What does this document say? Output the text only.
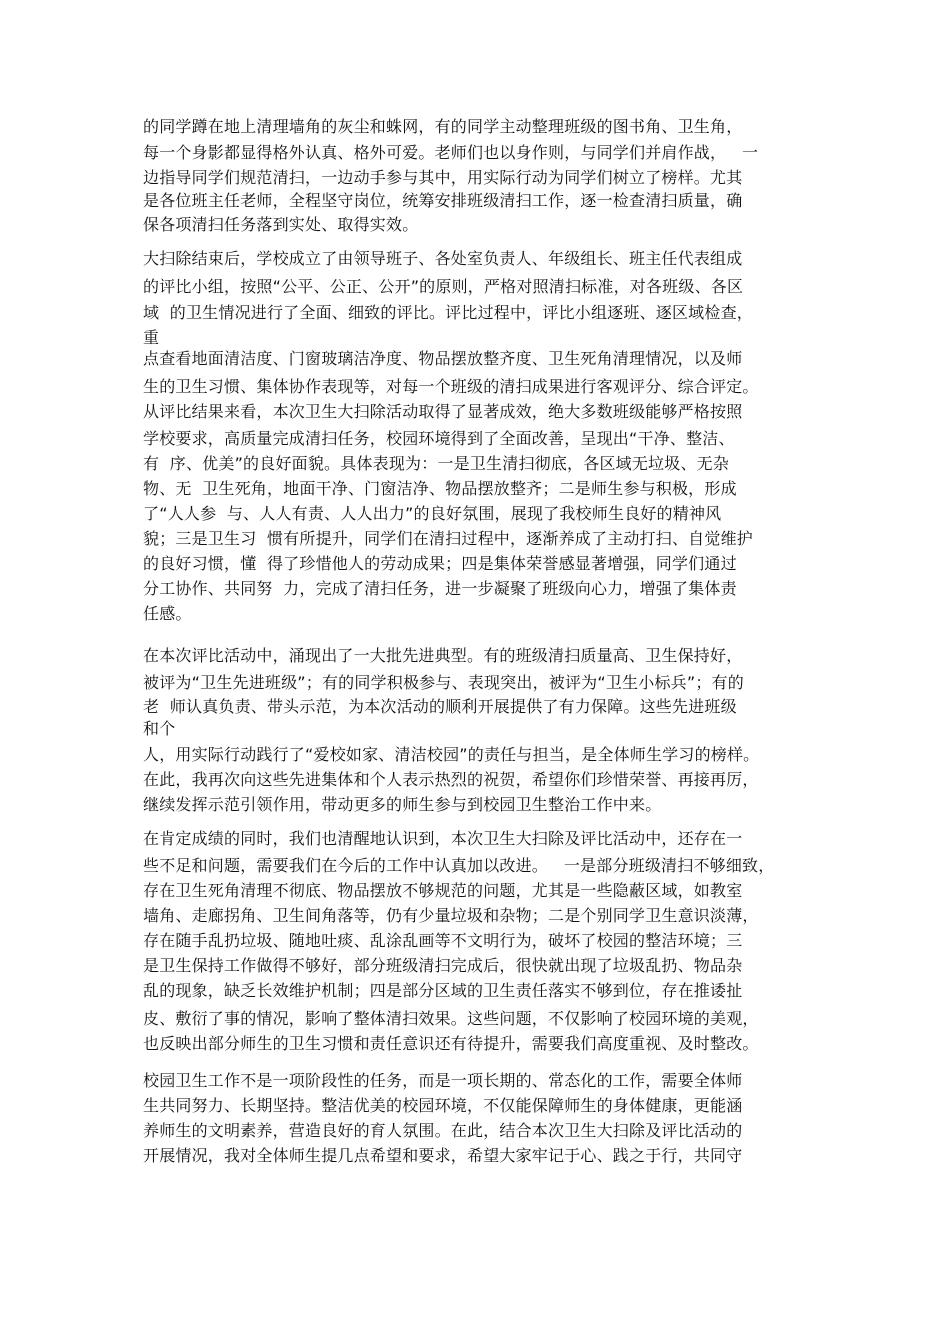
的同学蹲在地上清理墙角的灰尘和蛛网，有的同学主动整理班级的图书角、卫生角，
每一个身影都显得格外认真、格外可爱。老师们也以身作则，与同学们并肩作战，   一
边指导同学们规范清扫，一边动手参与其中，用实际行动为同学们树立了榜样。尤其
是各位班主任老师，全程坚守岗位，统筹安排班级清扫工作，逐一检查清扫质量，确
保各项清扫任务落到实处、取得实效。
大扫除结束后，学校成立了由领导班子、各处室负责人、年级组长、班主任代表组成
的评比小组，按照“公平、公正、公开”的原则，严格对照清扫标准，对各班级、各区
域  的卫生情况进行了全面、细致的评比。评比过程中，评比小组逐班、逐区域检查，
重
点查看地面清洁度、门窗玻璃洁净度、物品摆放整齐度、卫生死角清理情况，以及师
生的卫生习惯、集体协作表现等，对每一个班级的清扫成果进行客观评分、综合评定。
从评比结果来看，本次卫生大扫除活动取得了显著成效，绝大多数班级能够严格按照
学校要求，高质量完成清扫任务，校园环境得到了全面改善，呈现出“干净、整洁、
有  序、优美”的良好面貌。具体表现为：一是卫生清扫彻底，各区域无垃圾、无杂
物、无  卫生死角，地面干净、门窗洁净、物品摆放整齐；二是师生参与积极，形成
了“人人参  与、人人有责、人人出力”的良好氛围，展现了我校师生良好的精神风
貌；三是卫生习  惯有所提升，同学们在清扫过程中，逐渐养成了主动打扫、自觉维护
的良好习惯，懂  得了珍惜他人的劳动成果；四是集体荣誉感显著增强，同学们通过
分工协作、共同努  力，完成了清扫任务，进一步凝聚了班级向心力，增强了集体责
任感。
在本次评比活动中，涌现出了一大批先进典型。有的班级清扫质量高、卫生保持好，
被评为“卫生先进班级”；有的同学积极参与、表现突出，被评为“卫生小标兵”；有的
老  师认真负责、带头示范，为本次活动的顺利开展提供了有力保障。这些先进班级
和个
人，用实际行动践行了“爱校如家、清洁校园”的责任与担当，是全体师生学习的榜样。
在此，我再次向这些先进集体和个人表示热烈的祝贺，希望你们珍惜荣誉、再接再厉，
继续发挥示范引领作用，带动更多的师生参与到校园卫生整治工作中来。
在肯定成绩的同时，我们也清醒地认识到，本次卫生大扫除及评比活动中，还存在一
些不足和问题，需要我们在今后的工作中认真加以改进。   一是部分班级清扫不够细致，
存在卫生死角清理不彻底、物品摆放不够规范的问题，尤其是一些隐蔽区域，如教室
墙角、走廊拐角、卫生间角落等，仍有少量垃圾和杂物；二是个别同学卫生意识淡薄，
存在随手乱扔垃圾、随地吐痰、乱涂乱画等不文明行为，破坏了校园的整洁环境；三
是卫生保持工作做得不够好，部分班级清扫完成后，很快就出现了垃圾乱扔、物品杂
乱的现象，缺乏长效维护机制；四是部分区域的卫生责任落实不够到位，存在推诿扯
皮、敷衍了事的情况，影响了整体清扫效果。这些问题，不仅影响了校园环境的美观，
也反映出部分师生的卫生习惯和责任意识还有待提升，需要我们高度重视、及时整改。
校园卫生工作不是一项阶段性的任务，而是一项长期的、常态化的工作，需要全体师
生共同努力、长期坚持。整洁优美的校园环境，不仅能保障师生的身体健康，更能涵
养师生的文明素养，营造良好的育人氛围。在此，结合本次卫生大扫除及评比活动的
开展情况，我对全体师生提几点希望和要求，希望大家牢记于心、践之于行，共同守
